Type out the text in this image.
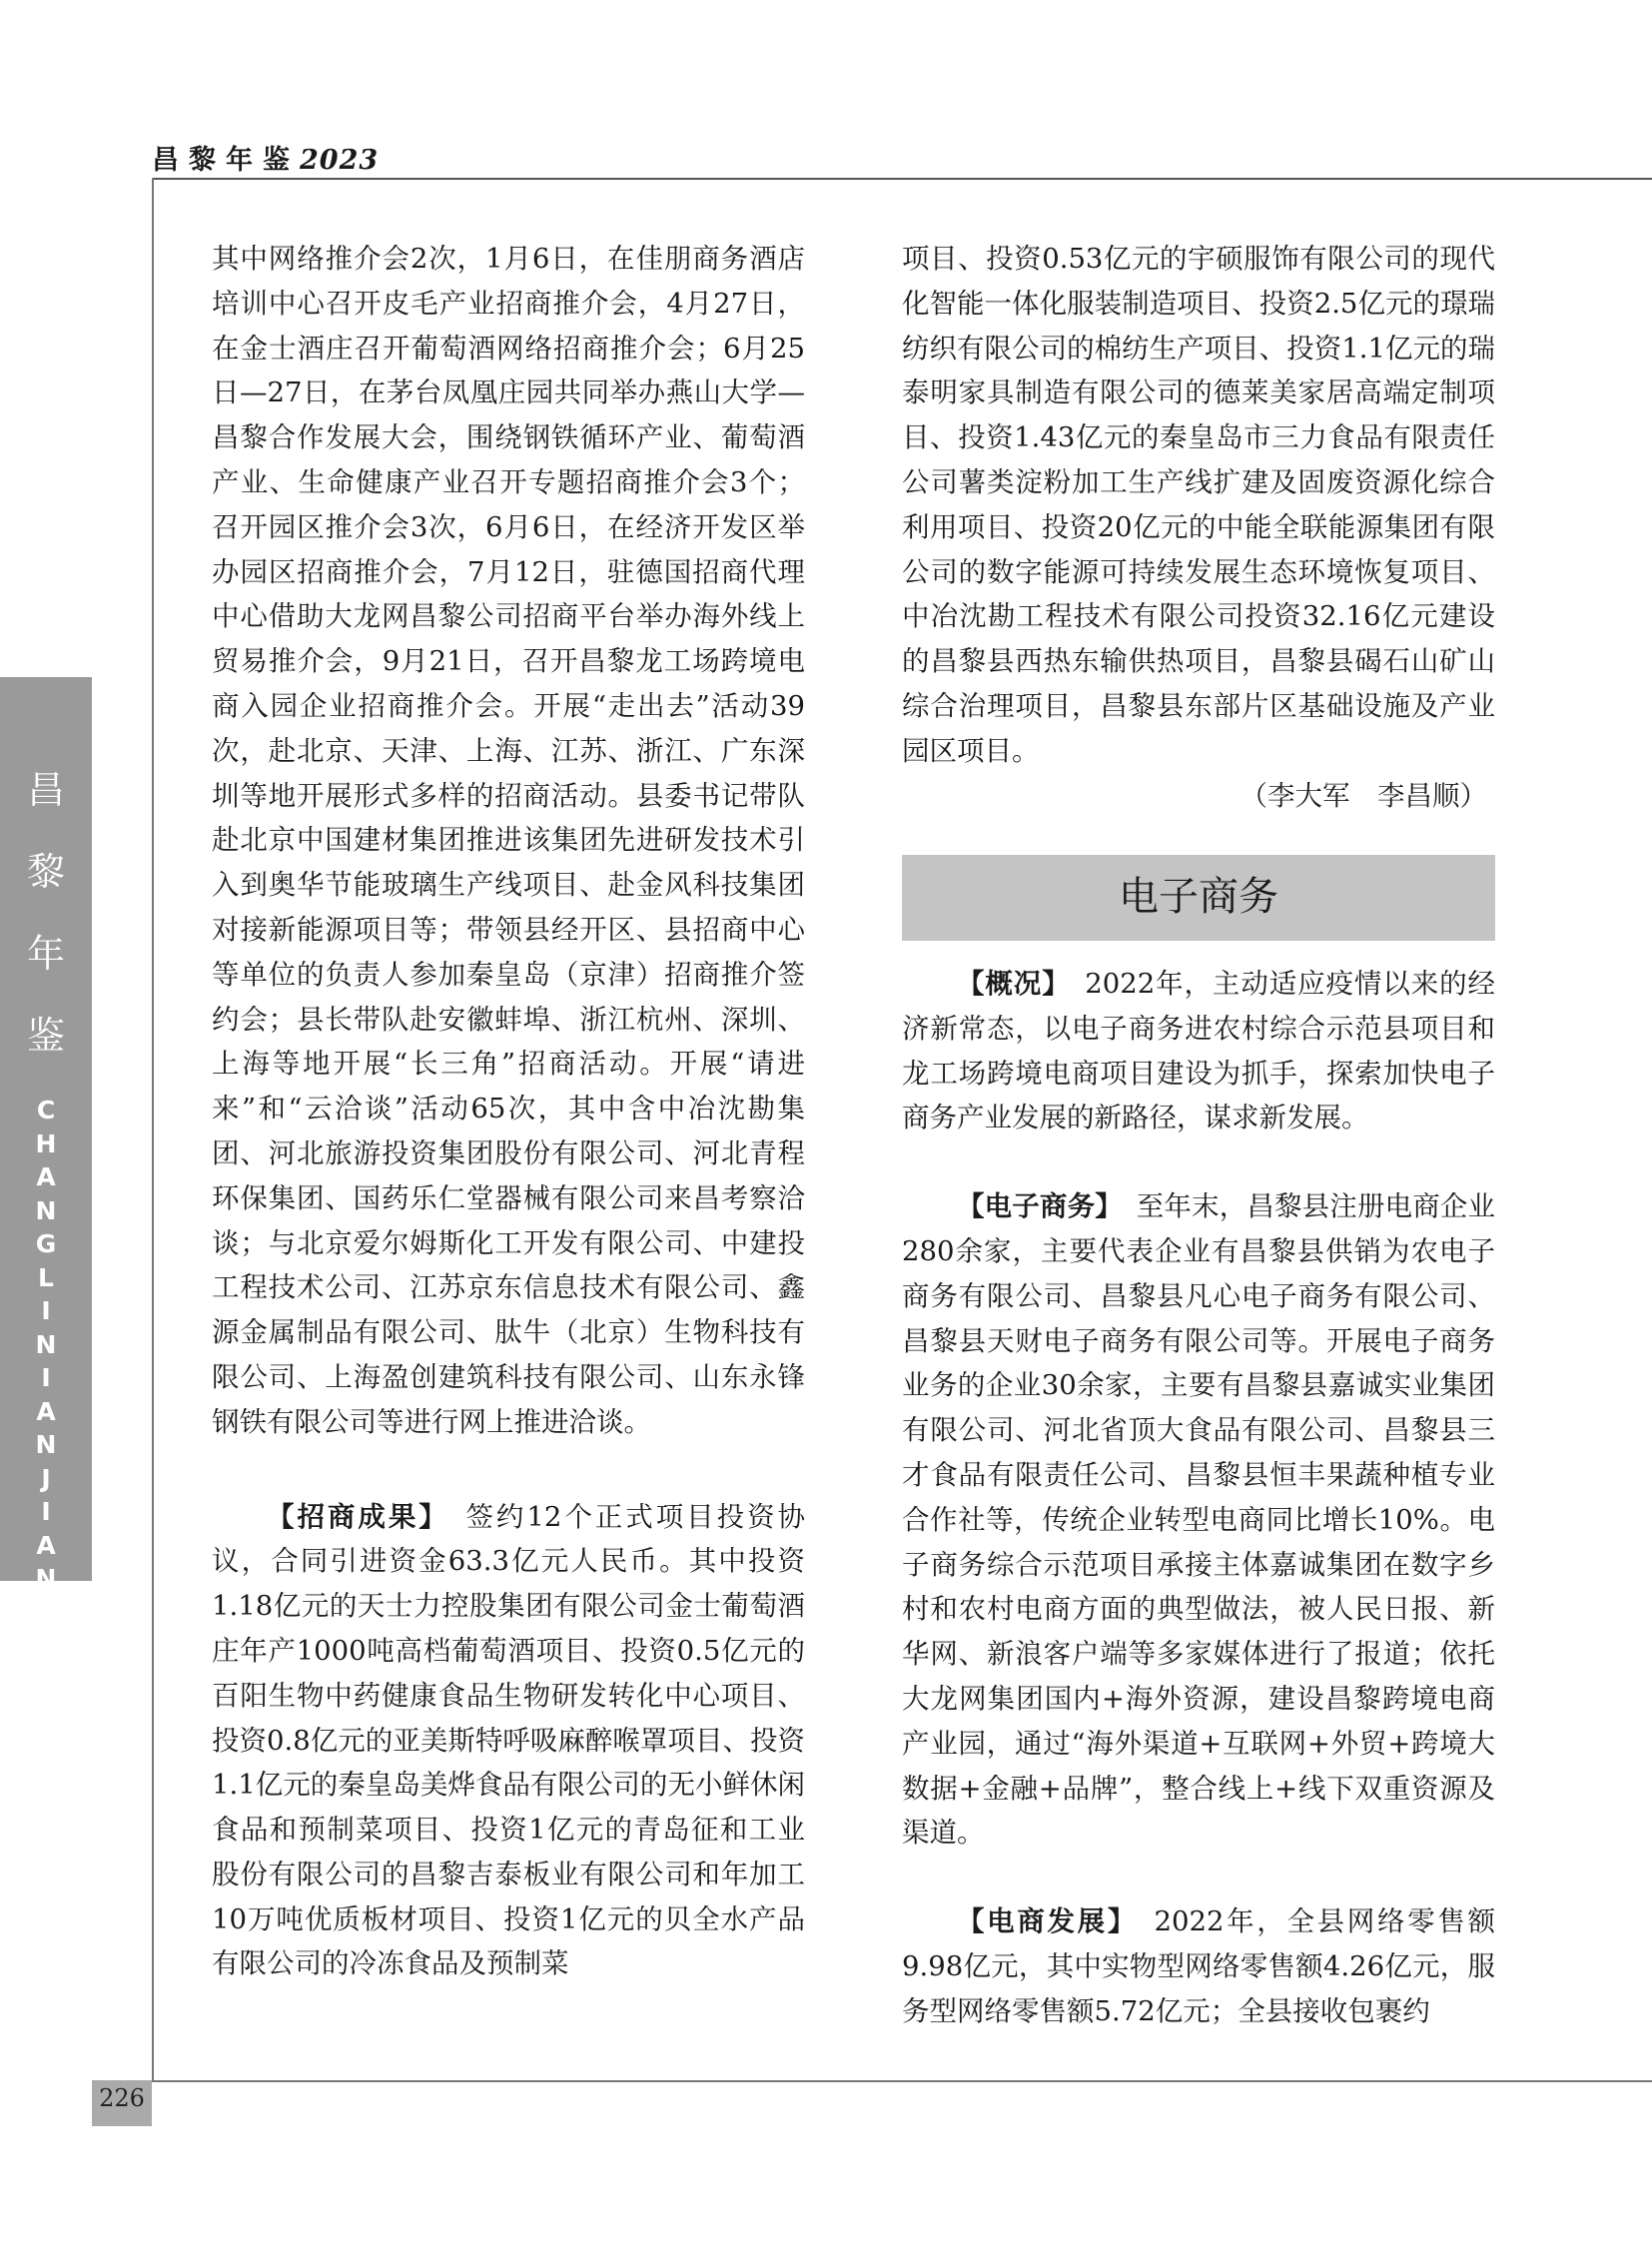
昌黎年鉴2023
昌
黎
年
鉴
C
H
A
N
G
L
I
N
I
A
N
J
I
A
N
226

其中网络推介会2次，1月6日，在佳朋商务酒店培训中心召开皮毛产业招商推介会，4月27日，在金士酒庄召开葡萄酒网络招商推介会；6月25日—27日，在茅台凤凰庄园共同举办燕山大学—昌黎合作发展大会，围绕钢铁循环产业、葡萄酒产业、生命健康产业召开专题招商推介会3个；召开园区推介会3次，6月6日，在经济开发区举办园区招商推介会，7月12日，驻德国招商代理中心借助大龙网昌黎公司招商平台举办海外线上贸易推介会，9月21日，召开昌黎龙工场跨境电商入园企业招商推介会。开展“走出去”活动39次，赴北京、天津、上海、江苏、浙江、广东深圳等地开展形式多样的招商活动。县委书记带队赴北京中国建材集团推进该集团先进研发技术引入到奥华节能玻璃生产线项目、赴金风科技集团对接新能源项目等；带领县经开区、县招商中心等单位的负责人参加秦皇岛（京津）招商推介签约会；县长带队赴安徽蚌埠、浙江杭州、深圳、上海等地开展“长三角”招商活动。开展“请进来”和“云洽谈”活动65次，其中含中冶沈勘集团、河北旅游投资集团股份有限公司、河北青程环保集团、国药乐仁堂器械有限公司来昌考察洽谈；与北京爱尔姆斯化工开发有限公司、中建投工程技术公司、江苏京东信息技术有限公司、鑫源金属制品有限公司、肽牛（北京）生物科技有限公司、上海盈创建筑科技有限公司、山东永锋钢铁有限公司等进行网上推进洽谈。

【招商成果】　 签约12个正式项目投资协议，合同引进资金63.3亿元人民币。其中投资1.18亿元的天士力控股集团有限公司金士葡萄酒庄年产1000吨高档葡萄酒项目、投资0.5亿元的百阳生物中药健康食品生物研发转化中心项目、投资0.8亿元的亚美斯特呼吸麻醉喉罩项目、投资1.1亿元的秦皇岛美烨食品有限公司的无小鲜休闲食品和预制菜项目、投资1亿元的青岛征和工业股份有限公司的昌黎吉泰板业有限公司和年加工10万吨优质板材项目、投资1亿元的贝全水产品有限公司的冷冻食品及预制菜

项目、投资0.53亿元的宇硕服饰有限公司的现代化智能一体化服装制造项目、投资2.5亿元的璟瑞纺织有限公司的棉纺生产项目、投资1.1亿元的瑞泰明家具制造有限公司的德莱美家居高端定制项目、投资1.43亿元的秦皇岛市三力食品有限责任公司薯类淀粉加工生产线扩建及固废资源化综合利用项目、投资20亿元的中能全联能源集团有限公司的数字能源可持续发展生态环境恢复项目、中冶沈勘工程技术有限公司投资32.16亿元建设的昌黎县西热东输供热项目，昌黎县碣石山矿山综合治理项目，昌黎县东部片区基础设施及产业园区项目。

（李大军　李昌顺）

电子商务

【概况】　 2022年，主动适应疫情以来的经济新常态，以电子商务进农村综合示范县项目和龙工场跨境电商项目建设为抓手，探索加快电子商务产业发展的新路径，谋求新发展。

【电子商务】　 至年末，昌黎县注册电商企业280余家，主要代表企业有昌黎县供销为农电子商务有限公司、昌黎县凡心电子商务有限公司、昌黎县天财电子商务有限公司等。开展电子商务业务的企业30余家，主要有昌黎县嘉诚实业集团有限公司、河北省顶大食品有限公司、昌黎县三才食品有限责任公司、昌黎县恒丰果蔬种植专业合作社等，传统企业转型电商同比增长10%。电子商务综合示范项目承接主体嘉诚集团在数字乡村和农村电商方面的典型做法，被人民日报、新华网、新浪客户端等多家媒体进行了报道；依托大龙网集团国内+海外资源，建设昌黎跨境电商产业园，通过“海外渠道+互联网+外贸+跨境大数据+金融+品牌”，整合线上+线下双重资源及渠道。

【电商发展】　 2022年，全县网络零售额9.98亿元，其中实物型网络零售额4.26亿元，服务型网络零售额5.72亿元；全县接收包裹约
